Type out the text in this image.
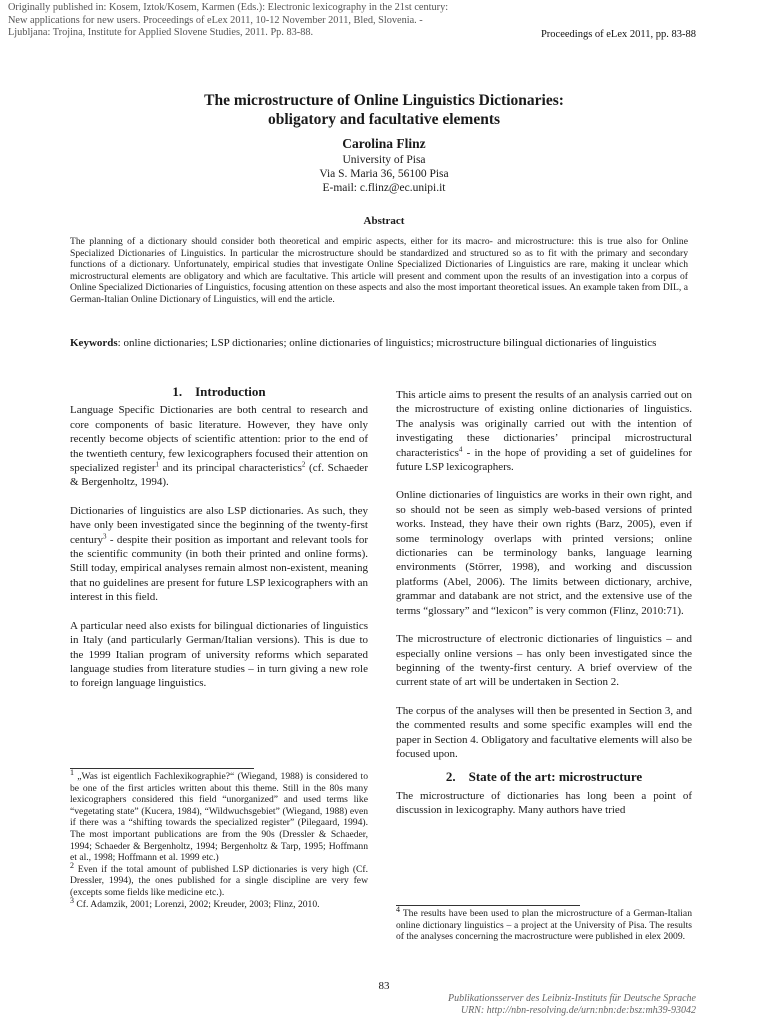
Originally published in: Kosem, Iztok/Kosem, Karmen (Eds.): Electronic lexicography in the 21st century:
New applications for new users. Proceedings of eLex 2011, 10-12 November 2011, Bled, Slovenia. -
Ljubljana: Trojina, Institute for Applied Slovene Studies, 2011. Pp. 83-88.	Proceedings of eLex 2011, pp. 83-88
The microstructure of Online Linguistics Dictionaries:
obligatory and facultative elements
Carolina Flinz
University of Pisa
Via S. Maria 36, 56100 Pisa
E-mail: c.flinz@ec.unipi.it
Abstract
The planning of a dictionary should consider both theoretical and empiric aspects, either for its macro- and microstructure: this is true also for Online Specialized Dictionaries of Linguistics. In particular the microstructure should be standardized and structured so as to fit with the primary and secondary functions of a dictionary. Unfortunately, empirical studies that investigate Online Specialized Dictionaries of Linguistics are rare, making it unclear which microstructural elements are obligatory and which are facultative. This article will present and comment upon the results of an investigation into a corpus of Online Specialized Dictionaries of Linguistics, focusing attention on these aspects and also the most important theoretical issues. An example taken from DIL, a German-Italian Online Dictionary of Linguistics, will end the article.
Keywords: online dictionaries; LSP dictionaries; online dictionaries of linguistics; microstructure bilingual dictionaries of linguistics
1. Introduction

Language Specific Dictionaries are both central to research and core components of basic literature. However, they have only recently become objects of scientific attention: prior to the end of the twentieth century, few lexicographers focused their attention on specialized register$^1$ and its principal characteristics$^2$ (cf. Schaeder & Bergenholtz, 1994).

Dictionaries of linguistics are also LSP dictionaries. As such, they have only been investigated since the beginning of the twenty-first century$^3$ - despite their position as important and relevant tools for the scientific community (in both their printed and online forms). Still today, empirical analyses remain almost non-existent, meaning that no guidelines are present for future LSP lexicographers with an interest in this field.

A particular need also exists for bilingual dictionaries of linguistics in Italy (and particularly German/Italian versions). This is due to the 1999 Italian program of university reforms which separated language studies from literature studies – in turn giving a new role to foreign language linguistics.

$^1$ „Was ist eigentlich Fachlexikographie?“ (Wiegand, 1988) is considered to be one of the first articles written about this theme. Still in the 80s many lexicographers considered this field “unorganized” and used terms like “vegetating state” (Kucera, 1984), “Wildwuchsgebiet” (Wiegand, 1988) even if there was a “shifting towards the specialized register” (Pilegaard, 1994). The most important publications are from the 90s (Dressler & Schaeder, 1994; Schaeder & Bergenholtz, 1994; Bergenholtz & Tarp, 1995; Hoffmann et al., 1998; Hoffmann et al. 1999 etc.)

$^2$ Even if the total amount of published LSP dictionaries is very high (Cf. Dressler, 1994), the ones published for a single discipline are very few (excepts some fields like medicine etc.).

$^3$ Cf. Adamzik, 2001; Lorenzi, 2002; Kreuder, 2003; Flinz, 2010.

This article aims to present the results of an analysis carried out on the microstructure of existing online dictionaries of linguistics. The analysis was originally carried out with the intention of investigating these dictionaries’ principal microstructural characteristics$^4$ - in the hope of providing a set of guidelines for future LSP lexicographers.

Online dictionaries of linguistics are works in their own right, and so should not be seen as simply web-based versions of printed works. Instead, they have their own rights (Barz, 2005), even if some terminology overlaps with printed versions; online dictionaries can be terminology banks, language learning environments (Störrer, 1998), and working and discussion platforms (Abel, 2006). The limits between dictionary, archive, grammar and databank are not strict, and the extensive use of the terms “glossary” and “lexicon” is very common (Flinz, 2010:71).

The microstructure of electronic dictionaries of linguistics – and especially online versions – has only been investigated since the beginning of the twenty-first century. A brief overview of the current state of art will be undertaken in Section 2.

The corpus of the analyses will then be presented in Section 3, and the commented results and some specific examples will end the paper in Section 4. Obligatory and facultative elements will also be focused upon.

2. State of the art: microstructure

The microstructure of dictionaries has long been a point of discussion in lexicography. Many authors have tried

$^4$ The results have been used to plan the microstructure of a German-Italian online dictionary linguistics – a project at the University of Pisa. The results of the analyses concerning the macrostructure were published in elex 2009.

83
Publikationsserver des Leibniz-Instituts für Deutsche Sprache
URN: http://nbn-resolving.de/urn:nbn:de:bsz:mh39-93042
